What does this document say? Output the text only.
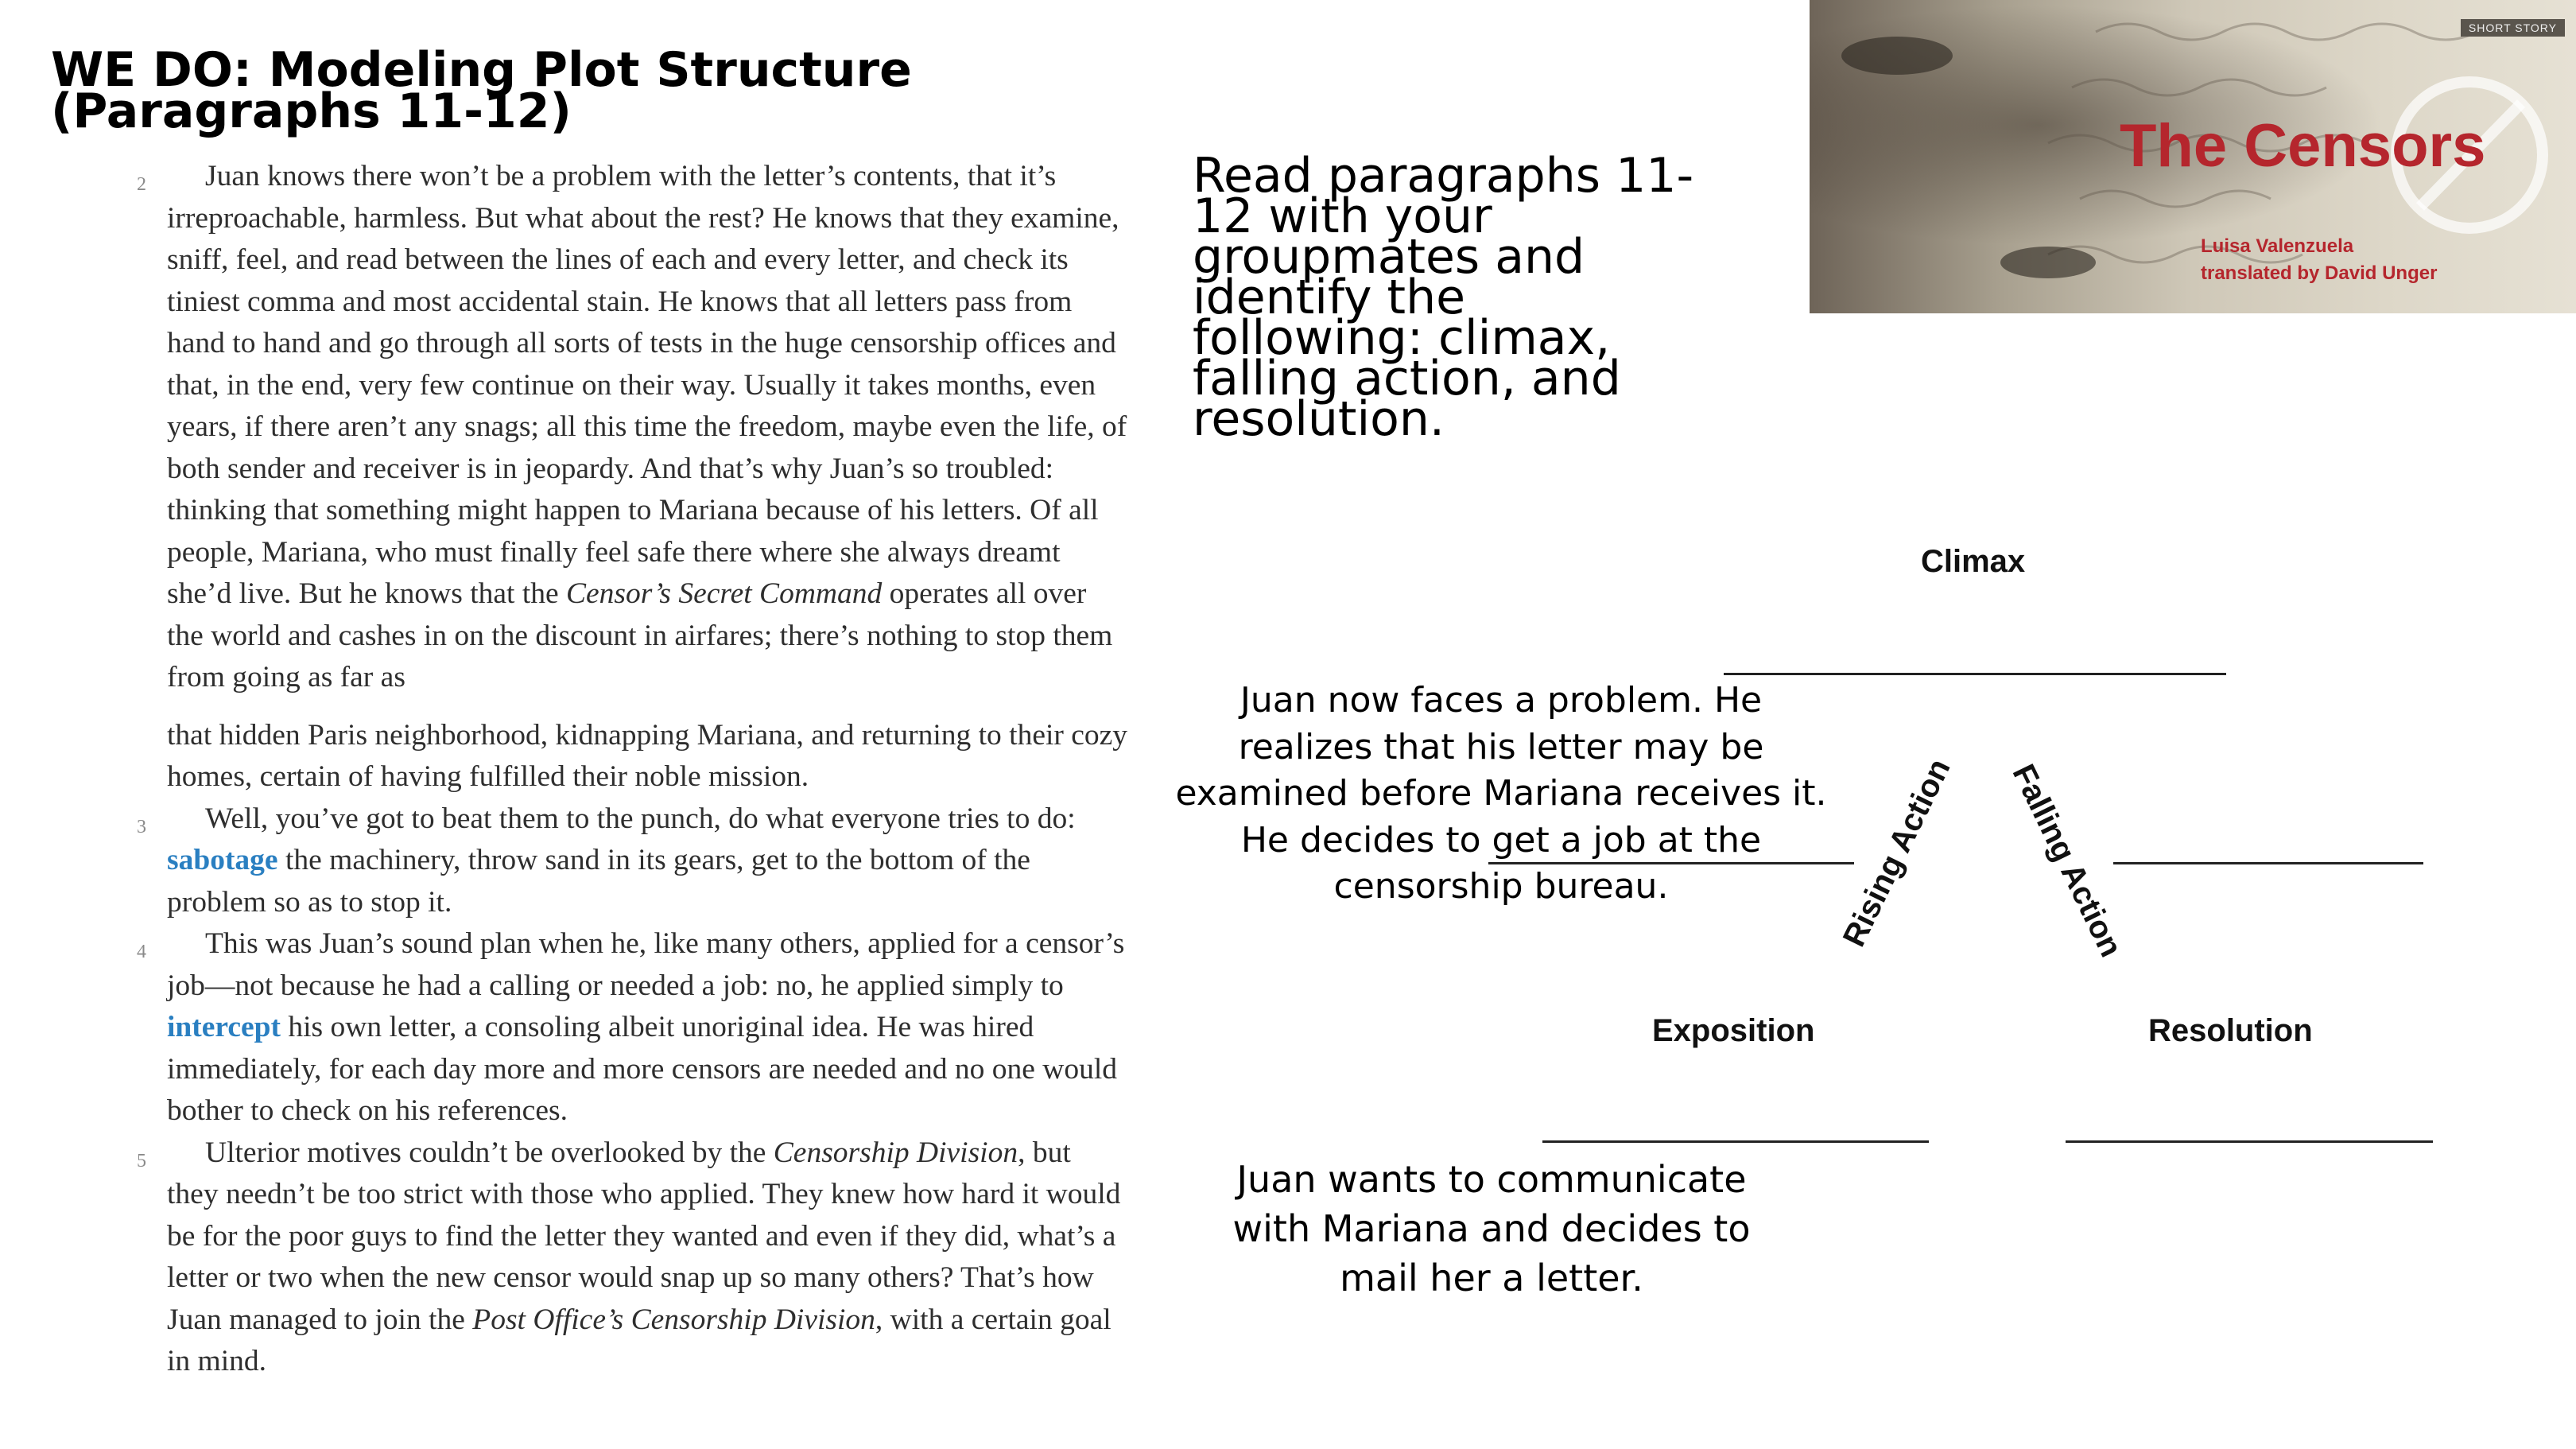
WE DO: Modeling Plot Structure
(Paragraphs 11-12)

2	Juan knows there won’t be a problem with the letter’s contents, that it’s irreproachable, harmless. But what about the rest? He knows that they examine, sniff, feel, and read between the lines of each and every letter, and check its tiniest comma and most accidental stain. He knows that all letters pass from hand to hand and go through all sorts of tests in the huge censorship offices and that, in the end, very few continue on their way. Usually it takes months, even years, if there aren’t any snags; all this time the freedom, maybe even the life, of both sender and receiver is in jeopardy. And that’s why Juan’s so troubled: thinking that something might happen to Mariana because of his letters. Of all people, Mariana, who must finally feel safe there where she always dreamt she’d live. But he knows that the Censor’s Secret Command operates all over the world and cashes in on the discount in airfares; there’s nothing to stop them from going as far as

that hidden Paris neighborhood, kidnapping Mariana, and returning to their cozy homes, certain of having fulfilled their noble mission.

3	Well, you’ve got to beat them to the punch, do what everyone tries to do: sabotage the machinery, throw sand in its gears, get to the bottom of the problem so as to stop it.

4	This was Juan’s sound plan when he, like many others, applied for a censor’s job—not because he had a calling or needed a job: no, he applied simply to intercept his own letter, a consoling albeit unoriginal idea. He was hired immediately, for each day more and more censors are needed and no one would bother to check on his references.

5	Ulterior motives couldn’t be overlooked by the Censorship Division, but they needn’t be too strict with those who applied. They knew how hard it would be for the poor guys to find the letter they wanted and even if they did, what’s a letter or two when the new censor would snap up so many others? That’s how Juan managed to join the Post Office’s Censorship Division, with a certain goal in mind.

Read paragraphs 11-12 with your groupmates and identify the following: climax, falling action, and resolution.

SHORT STORY
The Censors
Luisa Valenzuela
translated by David Unger
Climax
Rising Action Falling Action
Juan now faces a problem. He realizes that his letter may be examined before Mariana receives it. He decides to get a job at the censorship bureau.
Exposition	Resolution
Juan wants to communicate with Mariana and decides to mail her a letter.
